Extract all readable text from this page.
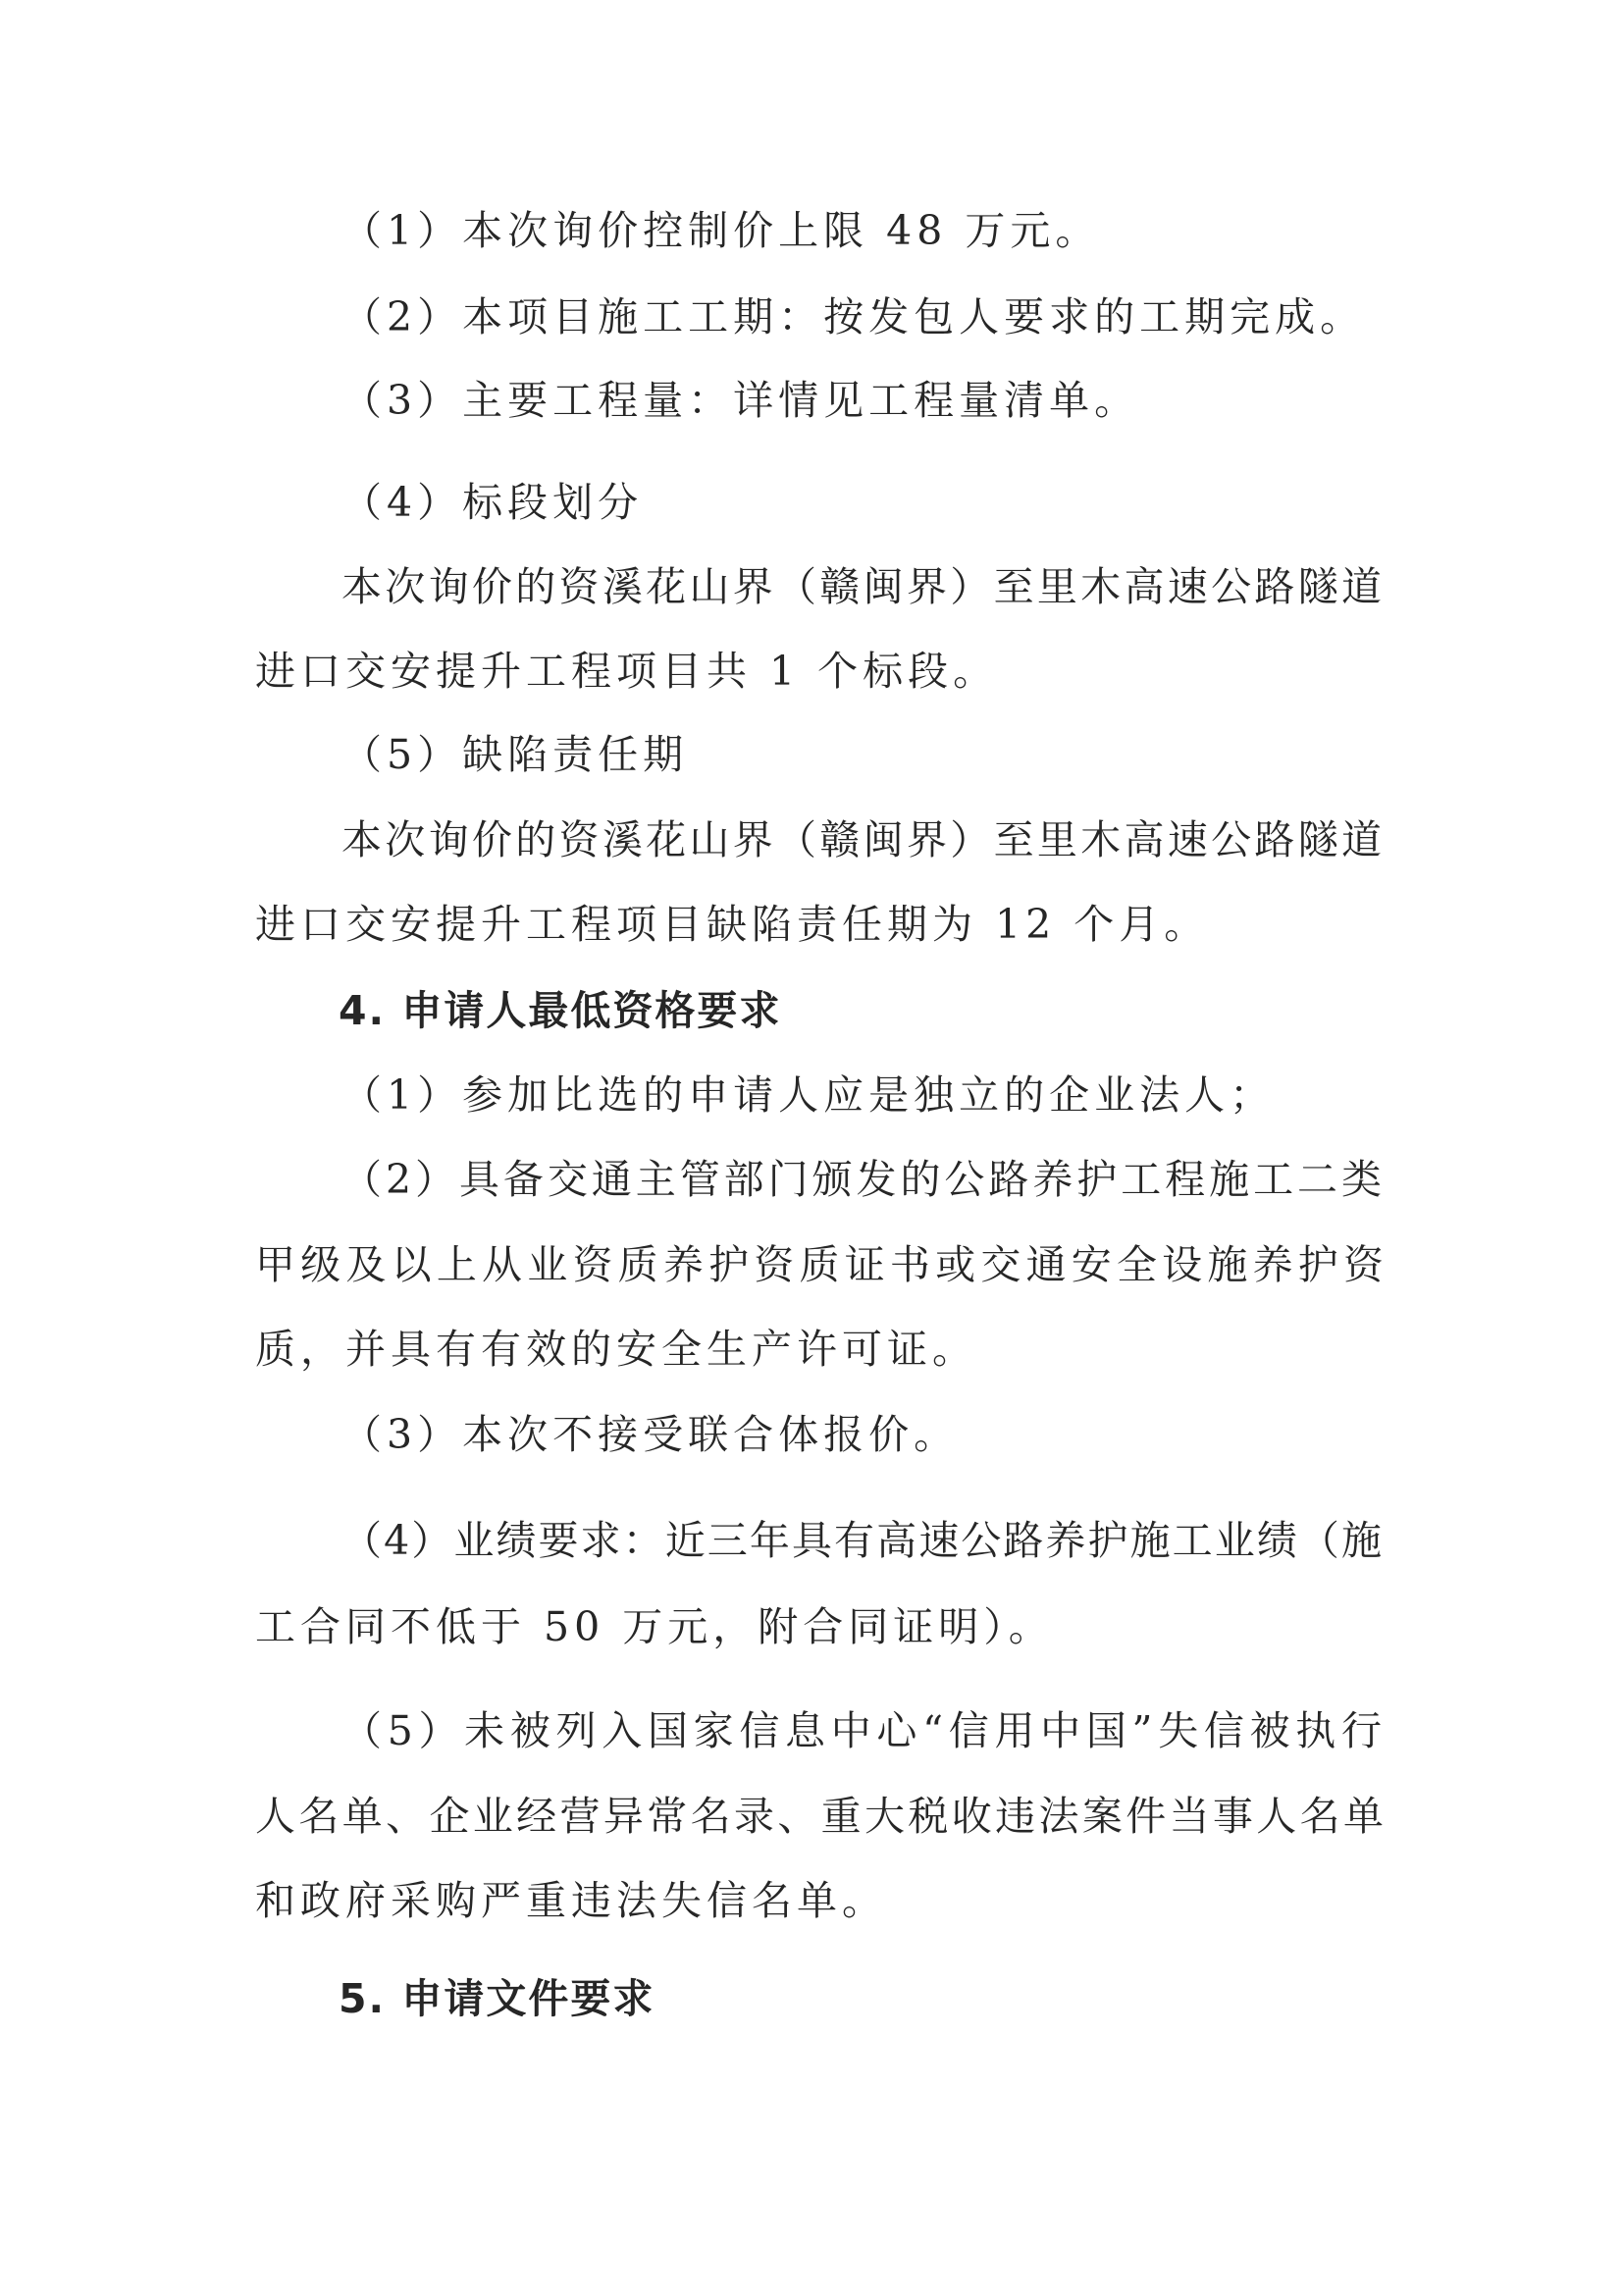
（1）本次询价控制价上限 48 万元。
（2）本项目施工工期：按发包人要求的工期完成。
（3）主要工程量：详情见工程量清单。
（4）标段划分
本次询价的资溪花山界（赣闽界）至里木高速公路隧道
进口交安提升工程项目共 1 个标段。
（5）缺陷责任期
本次询价的资溪花山界（赣闽界）至里木高速公路隧道
进口交安提升工程项目缺陷责任期为 12 个月。
4. 申请人最低资格要求
（1）参加比选的申请人应是独立的企业法人；
（2）具备交通主管部门颁发的公路养护工程施工二类
甲级及以上从业资质养护资质证书或交通安全设施养护资
质，并具有有效的安全生产许可证。
（3）本次不接受联合体报价。
（4）业绩要求：近三年具有高速公路养护施工业绩（施
工合同不低于 50 万元，附合同证明）。
（5）未被列入国家信息中心“信用中国”失信被执行
人名单、企业经营异常名录、重大税收违法案件当事人名单
和政府采购严重违法失信名单。
5. 申请文件要求
